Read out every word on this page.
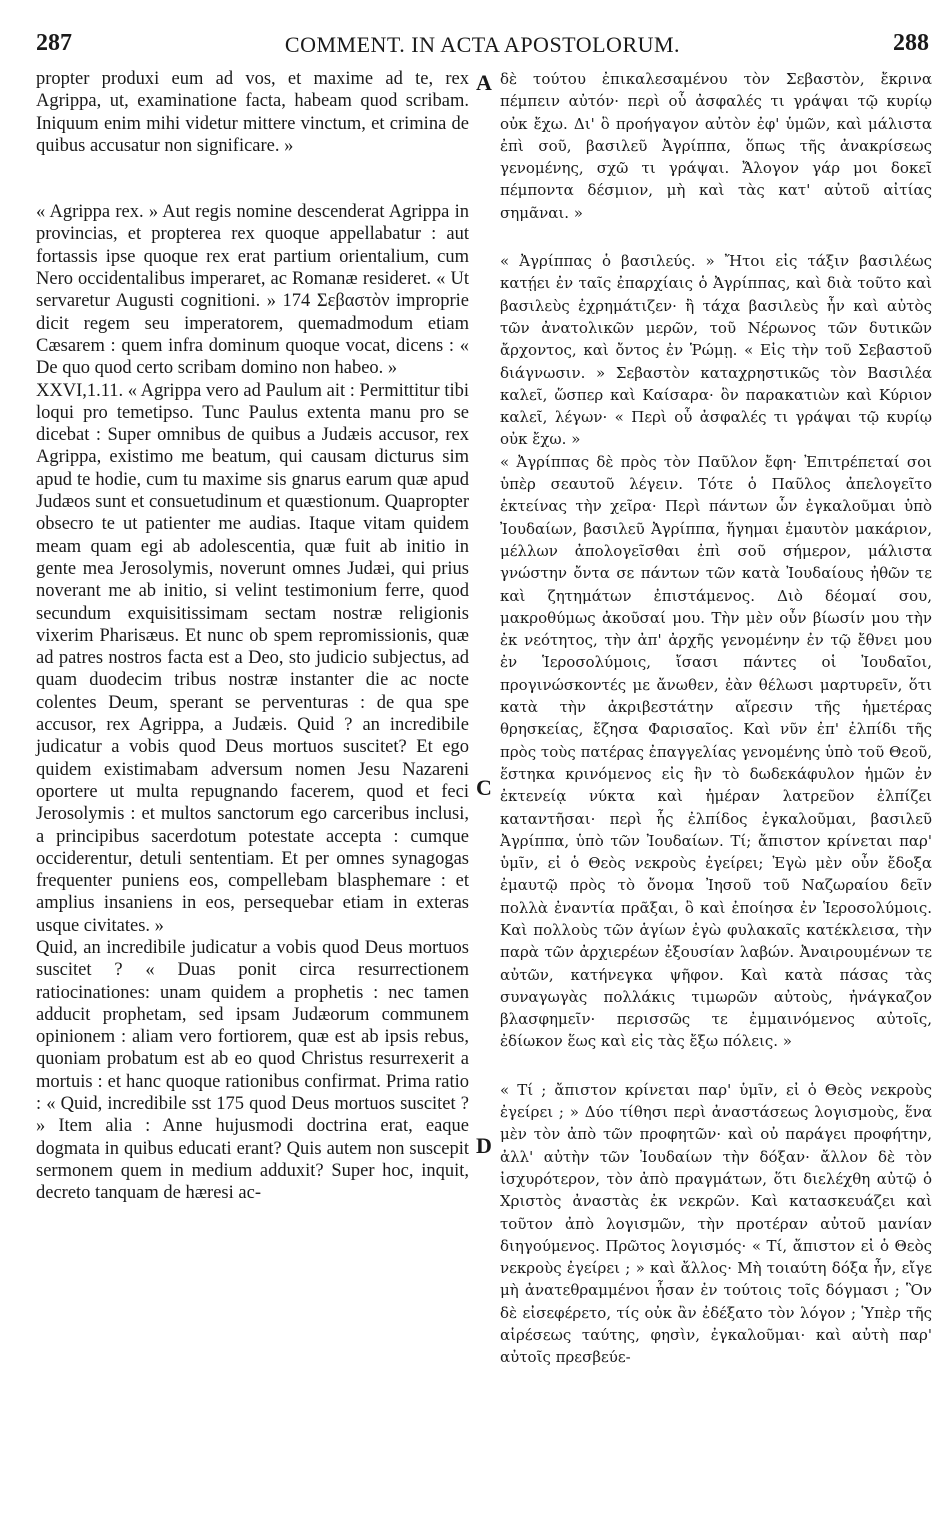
287	COMMENT. IN ACTA APOSTOLORUM.	288
A
C
D

propter produxi eum ad vos, et maxime ad te, rex Agrippa, ut, examinatione facta, habeam quod scribam. Iniquum enim mihi videtur mittere vinctum, et crimina de quibus accusatur non significare. »

« Agrippa rex. » Aut regis nomine descenderat Agrippa in provincias, et propterea rex quoque appellabatur : aut fortassis ipse quoque rex erat partium orientalium, cum Nero occidentalibus imperaret, ac Romanæ resideret. « Ut servaretur Augusti cognitioni. » 174 Σεβαστὸν improprie dicit regem seu imperatorem, quemadmodum etiam Cæsarem : quem infra dominum quoque vocat, dicens : « De quo quod certo scribam domino non habeo. »

XXVI,1.11. « Agrippa vero ad Paulum ait : Permittitur tibi loqui pro temetipso. Tunc Paulus extenta manu pro se dicebat : Super omnibus de quibus a Judæis accusor, rex Agrippa, existimo me beatum, qui causam dicturus sim apud te hodie, cum tu maxime sis gnarus earum quæ apud Judæos sunt et consuetudinum et quæstionum. Quapropter obsecro te ut patienter me audias. Itaque vitam quidem meam quam egi ab adolescentia, quæ fuit ab initio in gente mea Jerosolymis, noverunt omnes Judæi, qui prius noverant me ab initio, si velint testimonium ferre, quod secundum exquisitissimam sectam nostræ religionis vixerim Pharisæus. Et nunc ob spem repromissionis, quæ ad patres nostros facta est a Deo, sto judicio subjectus, ad quam duodecim tribus nostræ instanter die ac nocte colentes Deum, sperant se perventuras : de qua spe accusor, rex Agrippa, a Judæis. Quid ? an incredibile judicatur a vobis quod Deus mortuos suscitet? Et ego quidem existimabam adversum nomen Jesu Nazareni oportere ut multa repugnando facerem, quod et feci Jerosolymis : et multos sanctorum ego carceribus inclusi, a principibus sacerdotum potestate accepta : cumque occiderentur, detuli sententiam. Et per omnes synagogas frequenter puniens eos, compellebam blasphemare : et amplius insaniens in eos, persequebar etiam in exteras usque civitates. »

Quid, an incredibile judicatur a vobis quod Deus mortuos suscitet ? « Duas ponit circa resurrectionem ratiocinationes: unam quidem a prophetis : nec tamen adducit prophetam, sed ipsam Judæorum communem opinionem : aliam vero fortiorem, quæ est ab ipsis rebus, quoniam probatum est ab eo quod Christus resurrexerit a mortuis : et hanc quoque rationibus confirmat. Prima ratio : « Quid, incredibile sst 175 quod Deus mortuos suscitet ? » Item alia : Anne hujusmodi doctrina erat, eaque dogmata in quibus educati erant? Quis autem non suscepit sermonem quem in medium adduxit? Super hoc, inquit, decreto tanquam de hæresi ac-

δὲ τούτου ἐπικαλεσαμένου τὸν Σεβαστὸν, ἔκρινα πέμπειν αὐτόν· περὶ οὗ ἀσφαλές τι γράψαι τῷ κυρίῳ οὐκ ἔχω. Δι' ὃ προήγαγον αὐτὸν ἐφ' ὑμῶν, καὶ μάλιστα ἐπὶ σοῦ, βασιλεῦ Ἀγρίππα, ὅπως τῆς ἀνακρίσεως γενομένης, σχῶ τι γράψαι. Ἄλογον γάρ μοι δοκεῖ πέμποντα δέσμιον, μὴ καὶ τὰς κατ' αὐτοῦ αἰτίας σημᾶναι. »

« Ἀγρίππας ὁ βασιλεύς. » Ἤτοι εἰς τάξιν βασιλέως κατῄει ἐν ταῖς ἐπαρχίαις ὁ Ἀγρίππας, καὶ διὰ τοῦτο καὶ βασιλεὺς ἐχρημάτιζεν· ἢ τάχα βασιλεὺς ἦν καὶ αὐτὸς τῶν ἀνατολικῶν μερῶν, τοῦ Νέρωνος τῶν δυτικῶν ἄρχοντος, καὶ ὄντος ἐν Ῥώμῃ. « Εἰς τὴν τοῦ Σεβαστοῦ διάγνωσιν. » Σεβαστὸν καταχρηστικῶς τὸν Βασιλέα καλεῖ, ὥσπερ καὶ Καίσαρα· ὃν παρακατιὼν καὶ Κύριον καλεῖ, λέγων· « Περὶ οὗ ἀσφαλές τι γράψαι τῷ κυρίῳ οὐκ ἔχω. »

« Ἀγρίππας δὲ πρὸς τὸν Παῦλον ἔφη· Ἐπιτρέπεταί σοι ὑπὲρ σεαυτοῦ λέγειν. Τότε ὁ Παῦλος ἀπελογεῖτο ἐκτείνας τὴν χεῖρα· Περὶ πάντων ὧν ἐγκαλοῦμαι ὑπὸ Ἰουδαίων, βασιλεῦ Ἀγρίππα, ἥγημαι ἐμαυτὸν μακάριον, μέλλων ἀπολογεῖσθαι ἐπὶ σοῦ σήμερον, μάλιστα γνώστην ὄντα σε πάντων τῶν κατὰ Ἰουδαίους ἠθῶν τε καὶ ζητημάτων ἐπιστάμενος. Διὸ δέομαί σου, μακροθύμως ἀκοῦσαί μου. Τὴν μὲν οὖν βίωσίν μου τὴν ἐκ νεότητος, τὴν ἀπ' ἀρχῆς γενομένην ἐν τῷ ἔθνει μου ἐν Ἱεροσολύμοις, ἴσασι πάντες οἱ Ἰουδαῖοι, προγινώσκοντές με ἄνωθεν, ἐὰν θέλωσι μαρτυρεῖν, ὅτι κατὰ τὴν ἀκριβεστάτην αἵρεσιν τῆς ἡμετέρας θρησκείας, ἔζησα Φαρισαῖος. Καὶ νῦν ἐπ' ἐλπίδι τῆς πρὸς τοὺς πατέρας ἐπαγγελίας γενομένης ὑπὸ τοῦ Θεοῦ, ἕστηκα κρινόμενος εἰς ἣν τὸ δωδεκάφυλον ἡμῶν ἐν ἐκτενείᾳ νύκτα καὶ ἡμέραν λατρεῦον ἐλπίζει καταντῆσαι· περὶ ἧς ἐλπίδος ἐγκαλοῦμαι, βασιλεῦ Ἀγρίππα, ὑπὸ τῶν Ἰουδαίων. Τί; ἄπιστον κρίνεται παρ' ὑμῖν, εἰ ὁ Θεὸς νεκροὺς ἐγείρει; Ἐγὼ μὲν οὖν ἔδοξα ἐμαυτῷ πρὸς τὸ ὄνομα Ἰησοῦ τοῦ Ναζωραίου δεῖν πολλὰ ἐναντία πρᾶξαι, ὃ καὶ ἐποίησα ἐν Ἱεροσολύμοις. Καὶ πολλοὺς τῶν ἁγίων ἐγὼ φυλακαῖς κατέκλεισα, τὴν παρὰ τῶν ἀρχιερέων ἐξουσίαν λαβών. Ἀναιρουμένων τε αὐτῶν, κατήνεγκα ψῆφον. Καὶ κατὰ πάσας τὰς συναγωγὰς πολλάκις τιμωρῶν αὐτοὺς, ἠνάγκαζον βλασφημεῖν· περισσῶς τε ἐμμαινόμενος αὐτοῖς, ἐδίωκον ἕως καὶ εἰς τὰς ἔξω πόλεις. »

« Τί ; ἄπιστον κρίνεται παρ' ὑμῖν, εἰ ὁ Θεὸς νεκροὺς ἐγείρει ; » Δύο τίθησι περὶ ἀναστάσεως λογισμοὺς, ἕνα μὲν τὸν ἀπὸ τῶν προφητῶν· καὶ οὐ παράγει προφήτην, ἀλλ' αὐτὴν τῶν Ἰουδαίων τὴν δόξαν· ἄλλον δὲ τὸν ἰσχυρότερον, τὸν ἀπὸ πραγμάτων, ὅτι διελέχθη αὐτῷ ὁ Χριστὸς ἀναστὰς ἐκ νεκρῶν. Καὶ κατασκευάζει καὶ τοῦτον ἀπὸ λογισμῶν, τὴν προτέραν αὐτοῦ μανίαν διηγούμενος. Πρῶτος λογισμός· « Τί, ἄπιστον εἰ ὁ Θεὸς νεκροὺς ἐγείρει ; » καὶ ἄλλος· Μὴ τοιαύτη δόξα ἦν, εἴγε μὴ ἀνατεθραμμένοι ἦσαν ἐν τούτοις τοῖς δόγμασι ; Ὃν δὲ εἰσεφέρετο, τίς οὐκ ἂν ἐδέξατο τὸν λόγον ; Ὑπὲρ τῆς αἱρέσεως ταύτης, φησὶν, ἐγκαλοῦμαι· καὶ αὐτὴ παρ' αὐτοῖς πρεσβεύε-
